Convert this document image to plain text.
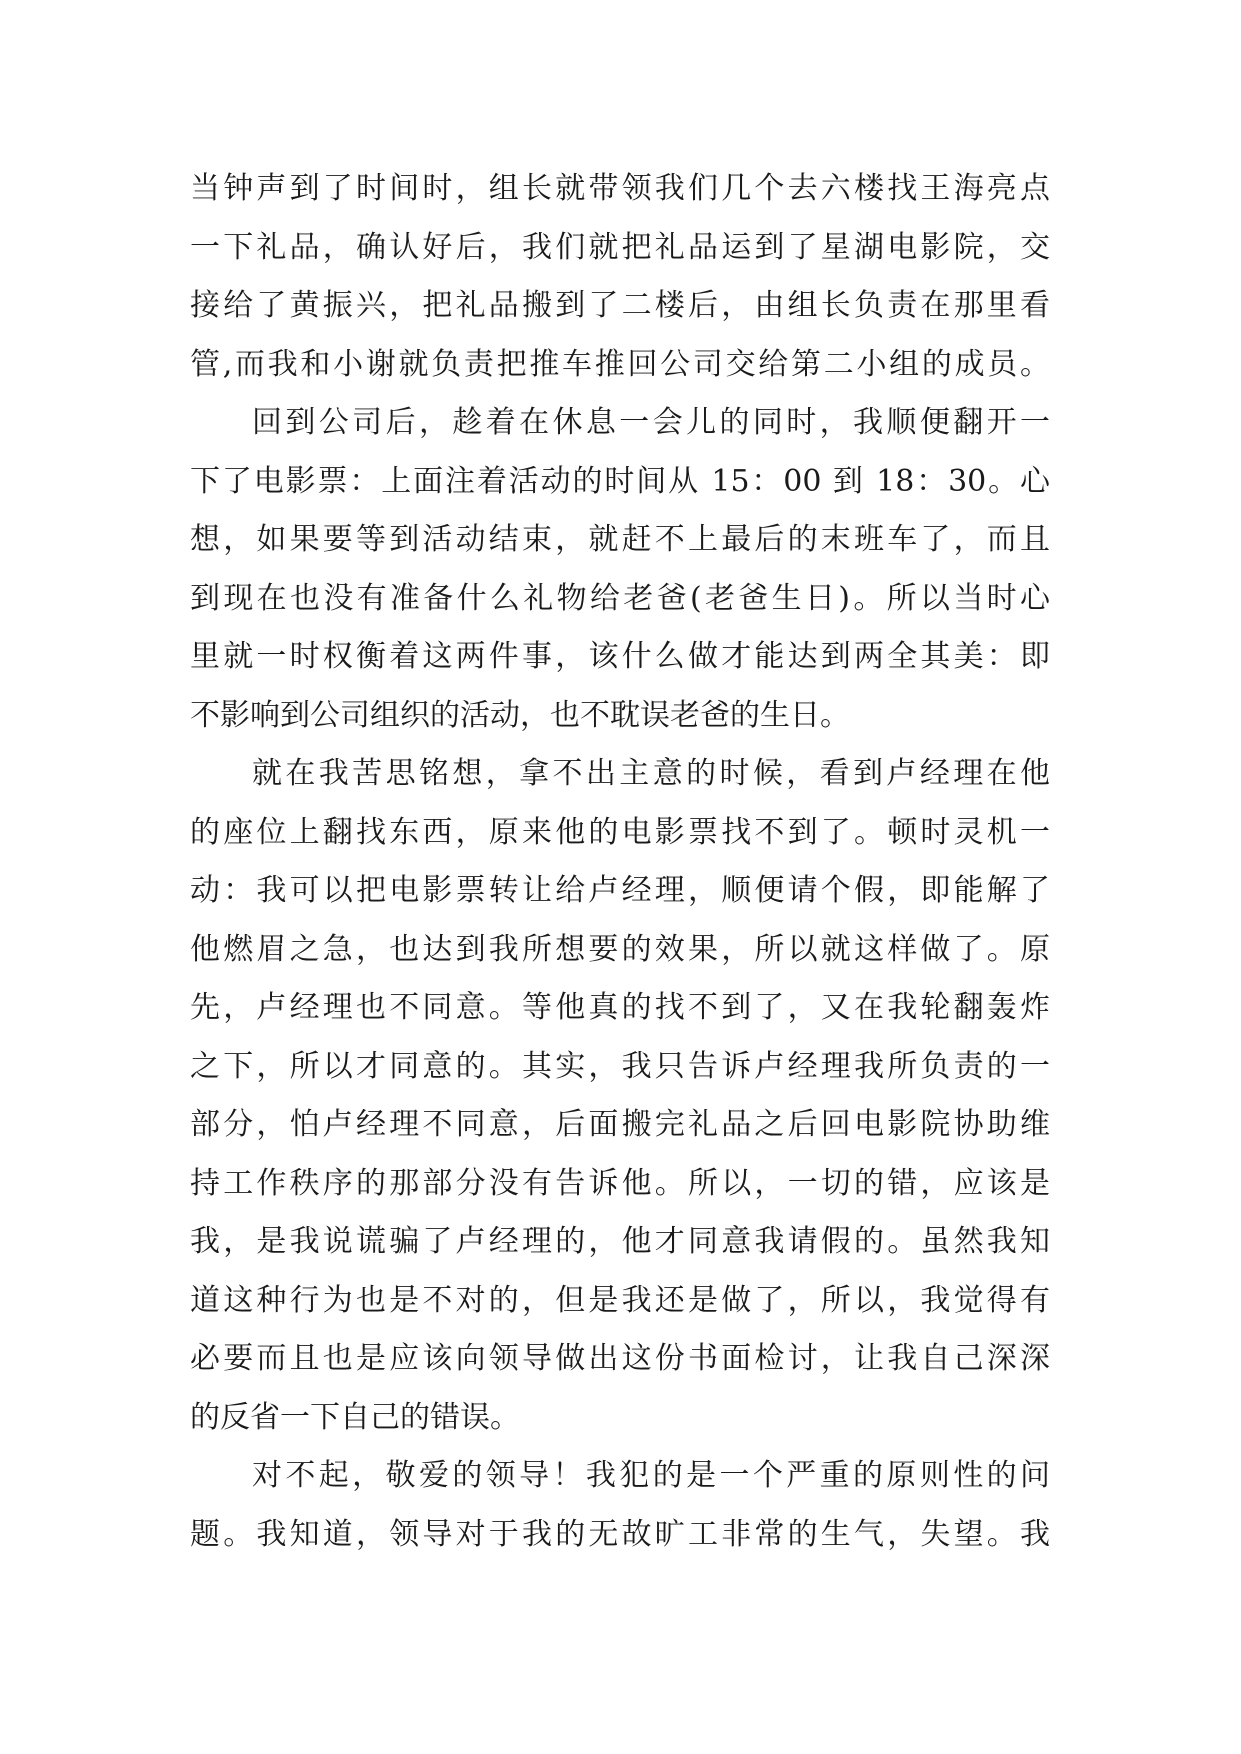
当钟声到了时间时，组长就带领我们几个去六楼找王海亮点
一下礼品，确认好后，我们就把礼品运到了星湖电影院，交
接给了黄振兴，把礼品搬到了二楼后，由组长负责在那里看
管,而我和小谢就负责把推车推回公司交给第二小组的成员。
回到公司后，趁着在休息一会儿的同时，我顺便翻开一
下了电影票：上面注着活动的时间从 15：00 到 18：30。心
想，如果要等到活动结束，就赶不上最后的末班车了，而且
到现在也没有准备什么礼物给老爸(老爸生日)。所以当时心
里就一时权衡着这两件事，该什么做才能达到两全其美：即
不影响到公司组织的活动，也不耽误老爸的生日。
就在我苦思铭想，拿不出主意的时候，看到卢经理在他
的座位上翻找东西，原来他的电影票找不到了。顿时灵机一
动：我可以把电影票转让给卢经理，顺便请个假，即能解了
他燃眉之急，也达到我所想要的效果，所以就这样做了。原
先，卢经理也不同意。等他真的找不到了，又在我轮翻轰炸
之下，所以才同意的。其实，我只告诉卢经理我所负责的一
部分，怕卢经理不同意，后面搬完礼品之后回电影院协助维
持工作秩序的那部分没有告诉他。所以，一切的错，应该是
我，是我说谎骗了卢经理的，他才同意我请假的。虽然我知
道这种行为也是不对的，但是我还是做了，所以，我觉得有
必要而且也是应该向领导做出这份书面检讨，让我自己深深
的反省一下自己的错误。
对不起，敬爱的领导！我犯的是一个严重的原则性的问
题。我知道，领导对于我的无故旷工非常的生气，失望。我
